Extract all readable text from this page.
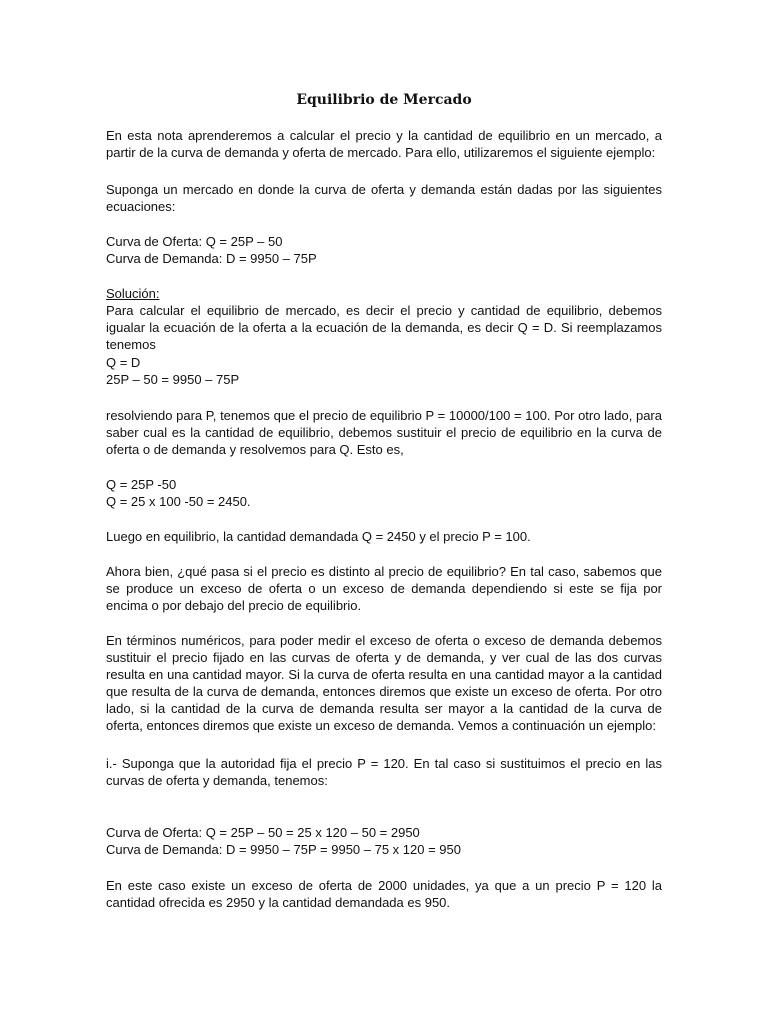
Equilibrio de Mercado

En esta nota aprenderemos a calcular el precio y la cantidad de equilibrio en un mercado, a partir de la curva de demanda y oferta de mercado. Para ello, utilizaremos el siguiente ejemplo:

Suponga un mercado en donde la curva de oferta y demanda están dadas por las siguientes ecuaciones:

Curva de Oferta: Q = 25P – 50
Curva de Demanda: D = 9950 – 75P
Solución:
Para calcular el equilibrio de mercado, es decir el precio y cantidad de equilibrio, debemos igualar la ecuación de la oferta a la ecuación de la demanda, es decir Q = D. Si reemplazamos tenemos
Q = D
25P – 50 = 9950 – 75P

resolviendo para P, tenemos que el precio de equilibrio P = 10000/100 = 100. Por otro lado, para saber cual es la cantidad de equilibrio, debemos sustituir el precio de equilibrio en la curva de oferta o de demanda y resolvemos para Q. Esto es,

Q = 25P -50
Q = 25 x 100 -50 = 2450.

Luego en equilibrio, la cantidad demandada Q = 2450 y el precio P = 100.

Ahora bien, ¿qué pasa si el precio es distinto al precio de equilibrio? En tal caso, sabemos que se produce un exceso de oferta o un exceso de demanda dependiendo si este se fija por encima o por debajo del precio de equilibrio.

En términos numéricos, para poder medir el exceso de oferta o exceso de demanda debemos sustituir el precio fijado en las curvas de oferta y de demanda, y ver cual de las dos curvas resulta en una cantidad mayor. Si la curva de oferta resulta en una cantidad mayor a la cantidad que resulta de la curva de demanda, entonces diremos que existe un exceso de oferta. Por otro lado, si la cantidad de la curva de demanda resulta ser mayor a la cantidad de la curva de oferta, entonces diremos que existe un exceso de demanda. Vemos a continuación un ejemplo:

i.- Suponga que la autoridad fija el precio P = 120. En tal caso si sustituimos el precio en las curvas de oferta y demanda, tenemos:

Curva de Oferta: Q = 25P – 50 = 25 x 120 – 50 = 2950
Curva de Demanda: D = 9950 – 75P = 9950 – 75 x 120 = 950

En este caso existe un exceso de oferta de 2000 unidades, ya que a un precio P = 120 la cantidad ofrecida es 2950 y la cantidad demandada es 950.
